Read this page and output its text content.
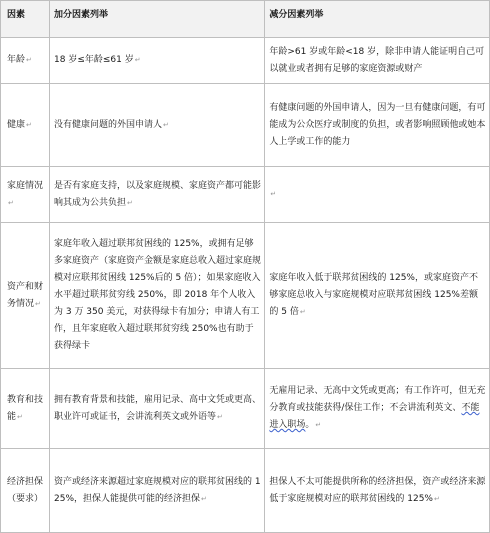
因素	加分因素列举	减分因素列举
年龄↵	18 岁≤年龄≤61 岁↵	年龄>61 岁或年龄<18 岁，除非申请人能证明自己可以就业或者拥有足够的家庭资源或财产
健康↵	没有健康问题的外国申请人↵	有健康问题的外国申请人，因为一旦有健康问题，有可能成为公众医疗或制度的负担，或者影响照顾他或她本人上学或工作的能力
家庭情况↵	是否有家庭支持，以及家庭规模、家庭资产都可能影响其成为公共负担↵	↵
资产和财务情况↵	家庭年收入超过联邦贫困线的 125%，或拥有足够多家庭资产（家庭资产金额是家庭总收入超过家庭规模对应联邦贫困线 125%后的 5 倍）；如果家庭收入水平超过联邦贫穷线 250%，即 2018 年个人收入为 3 万 350 美元，对获得绿卡有加分；申请人有工作，且年家庭收入超过联邦贫穷线 250%也有助于获得绿卡	家庭年收入低于联邦贫困线的 125%，或家庭资产不够家庭总收入与家庭规模对应联邦贫困线 125%差额的 5 倍↵
教育和技能↵	拥有教育背景和技能，雇用记录、高中文凭或更高、职业许可或证书，会讲流利英文或外语等↵	无雇用记录、无高中文凭或更高；有工作许可，但无充分教育或技能获得/保住工作；不会讲流利英文、不能进入职场。↵
经济担保（要求）	资产或经济来源超过家庭规模对应的联邦贫困线的 125%，担保人能提供可能的经济担保↵	担保人不太可能提供所称的经济担保，资产或经济来源低于家庭规模对应的联邦贫困线的 125%↵
